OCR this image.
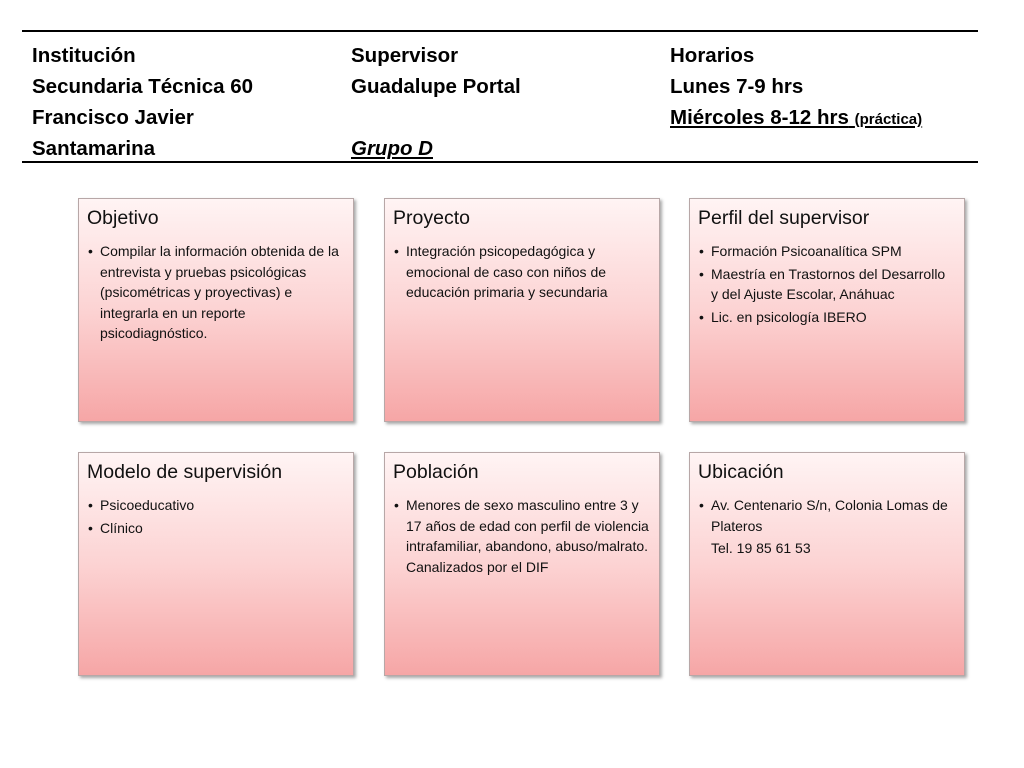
Institución
Secundaria Técnica 60
Francisco Javier
Santamarina
Supervisor
Guadalupe Portal

Grupo D
Horarios
Lunes 7-9 hrs
Miércoles 8-12 hrs (práctica)
Objetivo
• Compilar la información obtenida de la entrevista y pruebas psicológicas (psicométricas y proyectivas) e integrarla en un reporte psicodiagnóstico.
Proyecto
• Integración psicopedagógica y emocional de caso con niños de educación primaria y secundaria
Perfil del supervisor
• Formación Psicoanalítica SPM
• Maestría en Trastornos del Desarrollo y del Ajuste Escolar, Anáhuac
• Lic. en psicología IBERO
Modelo de supervisión
• Psicoeducativo
• Clínico
Población
• Menores de sexo masculino entre 3 y 17 años de edad con perfil de violencia intrafamiliar, abandono, abuso/malrato. Canalizados por el DIF
Ubicación
• Av. Centenario S/n, Colonia Lomas de Plateros
Tel. 19 85 61 53
